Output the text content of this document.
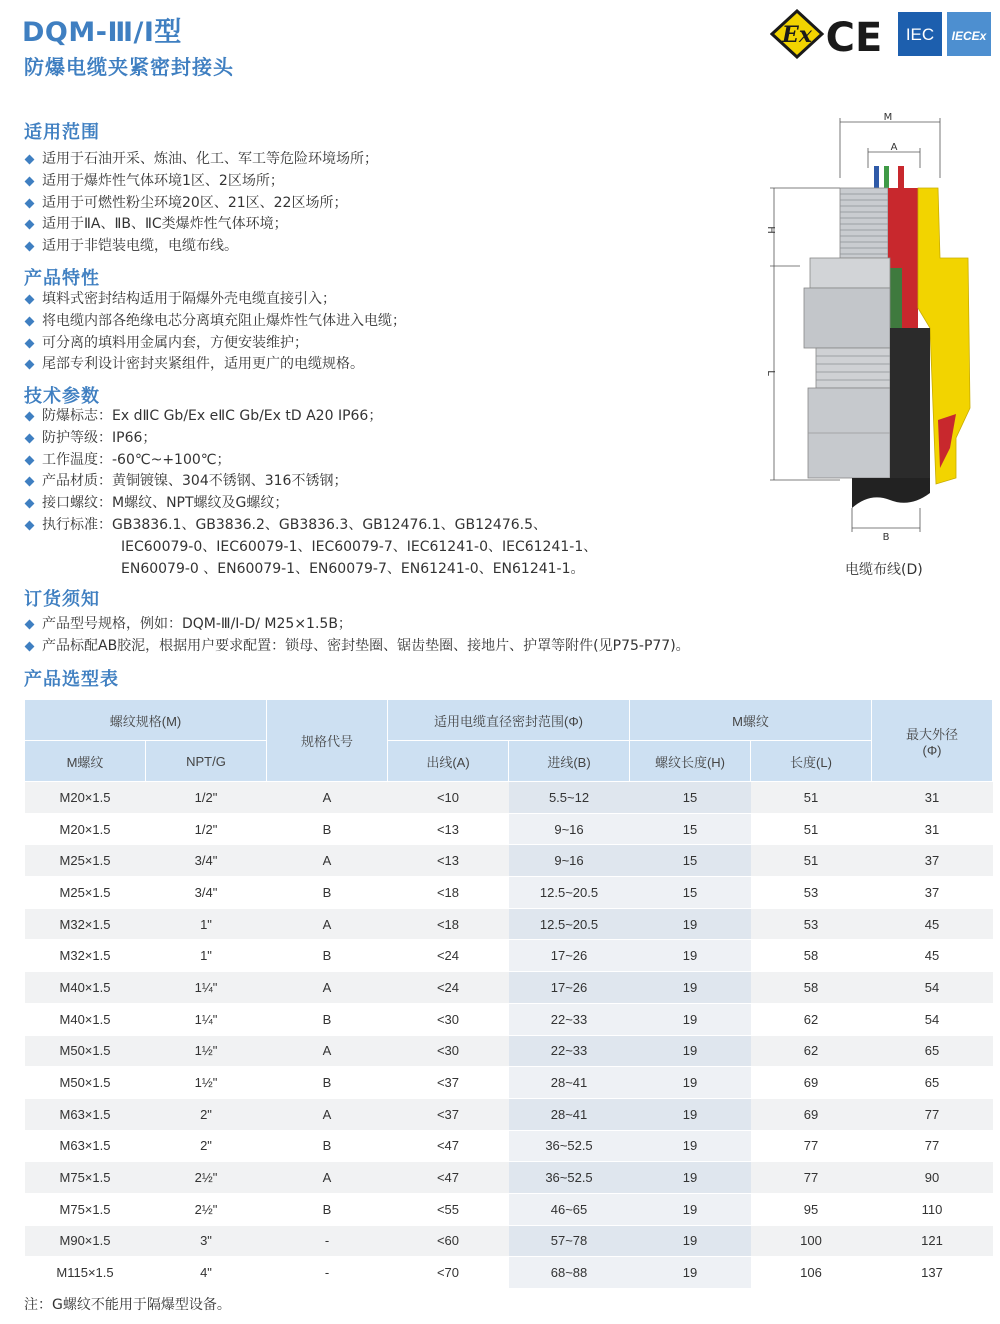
DQM-Ⅲ/Ⅰ型
防爆电缆夹紧密封接头
Ex CE IEC IECEx
适用范围
适用于石油开采、炼油、化工、军工等危险环境场所；
适用于爆炸性气体环境1区、2区场所；
适用于可燃性粉尘环境20区、21区、22区场所；
适用于ⅡA、ⅡB、ⅡC类爆炸性气体环境；
适用于非铠装电缆，电缆布线。
产品特性
填料式密封结构适用于隔爆外壳电缆直接引入；
将电缆内部各绝缘电芯分离填充阻止爆炸性气体进入电缆；
可分离的填料用金属内套，方便安装维护；
尾部专利设计密封夹紧组件，适用更广的电缆规格。
技术参数
防爆标志：Ex dⅡC Gb/Ex eⅡC Gb/Ex tD A20 IP66；
防护等级：IP66；
工作温度：-60℃~+100℃；
产品材质：黄铜镀镍、304不锈钢、316不锈钢；
接口螺纹：M螺纹、NPT螺纹及G螺纹；
执行标准：GB3836.1、GB3836.2、GB3836.3、GB12476.1、GB12476.5、
IEC60079-0、IEC60079-1、IEC60079-7、IEC61241-0、IEC61241-1、
EN60079-0 、EN60079-1、EN60079-7、EN61241-0、EN61241-1。
订货须知
产品型号规格，例如：DQM-Ⅲ/Ⅰ-D/ M25×1.5B；
产品标配AB胶泥，根据用户要求配置：锁母、密封垫圈、锯齿垫圈、接地片、护罩等附件(见P75-P77)。
产品选型表
M
A
H
L
B
电缆布线(D)
螺纹规格(M)		规格代号	适用电缆直径密封范围(Φ)		M螺纹		最大外径
(Φ)
M螺纹	NPT/G		出线(A)	进线(B)	螺纹长度(H)	长度(L)	
M20×1.5	1/2"	A	<10	5.5~12	15	51	31
M20×1.5	1/2"	B	<13	9~16	15	51	31
M25×1.5	3/4"	A	<13	9~16	15	51	37
M25×1.5	3/4"	B	<18	12.5~20.5	15	53	37
M32×1.5	1"	A	<18	12.5~20.5	19	53	45
M32×1.5	1"	B	<24	17~26	19	58	45
M40×1.5	1¼"	A	<24	17~26	19	58	54
M40×1.5	1¼"	B	<30	22~33	19	62	54
M50×1.5	1½"	A	<30	22~33	19	62	65
M50×1.5	1½"	B	<37	28~41	19	69	65
M63×1.5	2"	A	<37	28~41	19	69	77
M63×1.5	2"	B	<47	36~52.5	19	77	77
M75×1.5	2½"	A	<47	36~52.5	19	77	90
M75×1.5	2½"	B	<55	46~65	19	95	110
M90×1.5	3"	-	<60	57~78	19	100	121
M115×1.5	4"	-	<70	68~88	19	106	137
注：G螺纹不能用于隔爆型设备。
